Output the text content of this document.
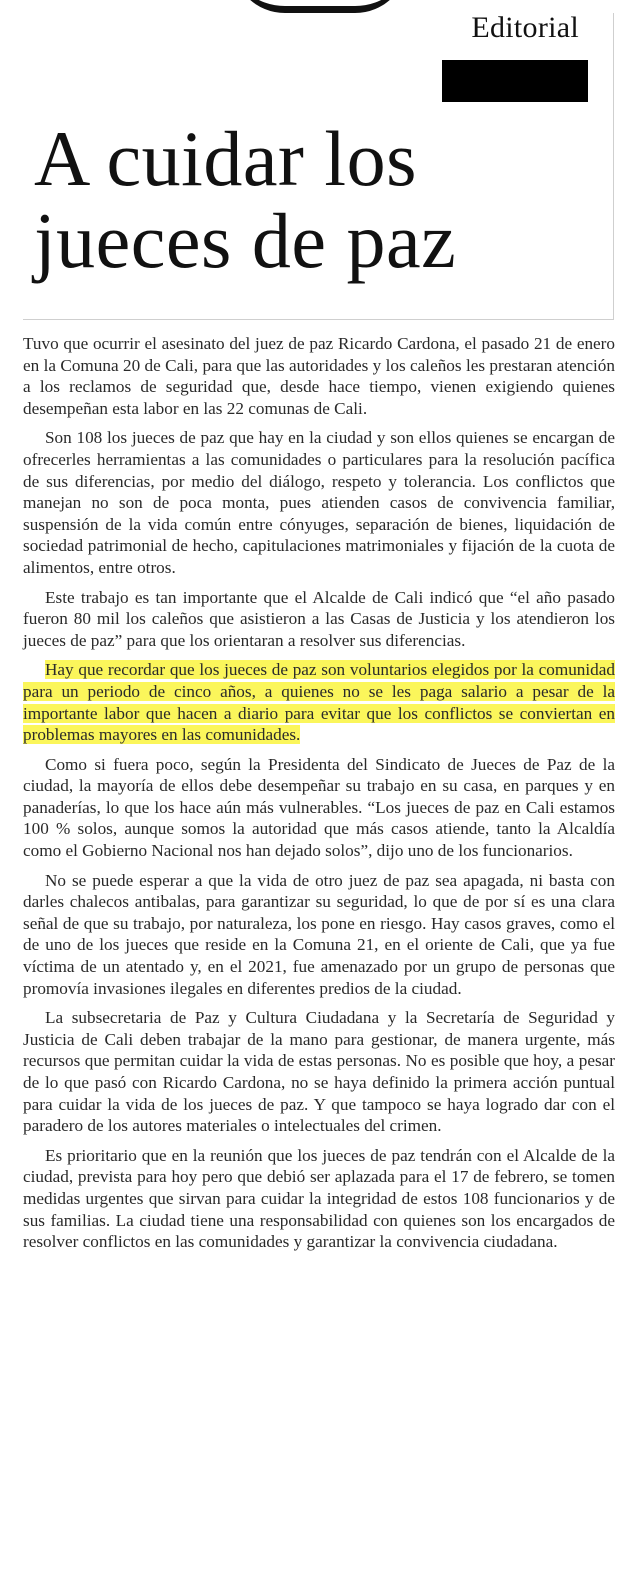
Editorial
A cuidar los jueces de paz

Tuvo que ocurrir el asesinato del juez de paz Ricardo Cardona, el pasado 21 de enero en la Comuna 20 de Cali, para que las autoridades y los caleños les prestaran atención a los reclamos de seguridad que, desde hace tiempo, vienen exigiendo quienes desempeñan esta labor en las 22 comunas de Cali.

Son 108 los jueces de paz que hay en la ciudad y son ellos quienes se encargan de ofrecerles herramientas a las comunidades o particulares para la resolución pacífica de sus diferencias, por medio del diálogo, respeto y tolerancia. Los conflictos que manejan no son de poca monta, pues atienden casos de convivencia familiar, suspensión de la vida común entre cónyuges, separación de bienes, liquidación de sociedad patrimonial de hecho, capitulaciones matrimoniales y fijación de la cuota de alimentos, entre otros.

Este trabajo es tan importante que el Alcalde de Cali indicó que “el año pasado fueron 80 mil los caleños que asistieron a las Casas de Justicia y los atendieron los jueces de paz” para que los orientaran a resolver sus diferencias.

Hay que recordar que los jueces de paz son voluntarios elegidos por la comunidad para un periodo de cinco años, a quienes no se les paga salario a pesar de la importante labor que hacen a diario para evitar que los conflictos se conviertan en problemas mayores en las comunidades.

Como si fuera poco, según la Presidenta del Sindicato de Jueces de Paz de la ciudad, la mayoría de ellos debe desempeñar su trabajo en su casa, en parques y en panaderías, lo que los hace aún más vulnerables. “Los jueces de paz en Cali estamos 100 % solos, aunque somos la autoridad que más casos atiende, tanto la Alcaldía como el Gobierno Nacional nos han dejado solos”, dijo uno de los funcionarios.

No se puede esperar a que la vida de otro juez de paz sea apagada, ni basta con darles chalecos antibalas, para garantizar su seguridad, lo que de por sí es una clara señal de que su trabajo, por naturaleza, los pone en riesgo. Hay casos graves, como el de uno de los jueces que reside en la Comuna 21, en el oriente de Cali, que ya fue víctima de un atentado y, en el 2021, fue amenazado por un grupo de personas que promovía invasiones ilegales en diferentes predios de la ciudad.

La subsecretaria de Paz y Cultura Ciudadana y la Secretaría de Seguridad y Justicia de Cali deben trabajar de la mano para gestionar, de manera urgente, más recursos que permitan cuidar la vida de estas personas. No es posible que hoy, a pesar de lo que pasó con Ricardo Cardona, no se haya definido la primera acción puntual para cuidar la vida de los jueces de paz. Y que tampoco se haya logrado dar con el paradero de los autores materiales o intelectuales del crimen.

Es prioritario que en la reunión que los jueces de paz tendrán con el Alcalde de la ciudad, prevista para hoy pero que debió ser aplazada para el 17 de febrero, se tomen medidas urgentes que sirvan para cuidar la integridad de estos 108 funcionarios y de sus familias. La ciudad tiene una responsabilidad con quienes son los encargados de resolver conflictos en las comunidades y garantizar la convivencia ciudadana.
